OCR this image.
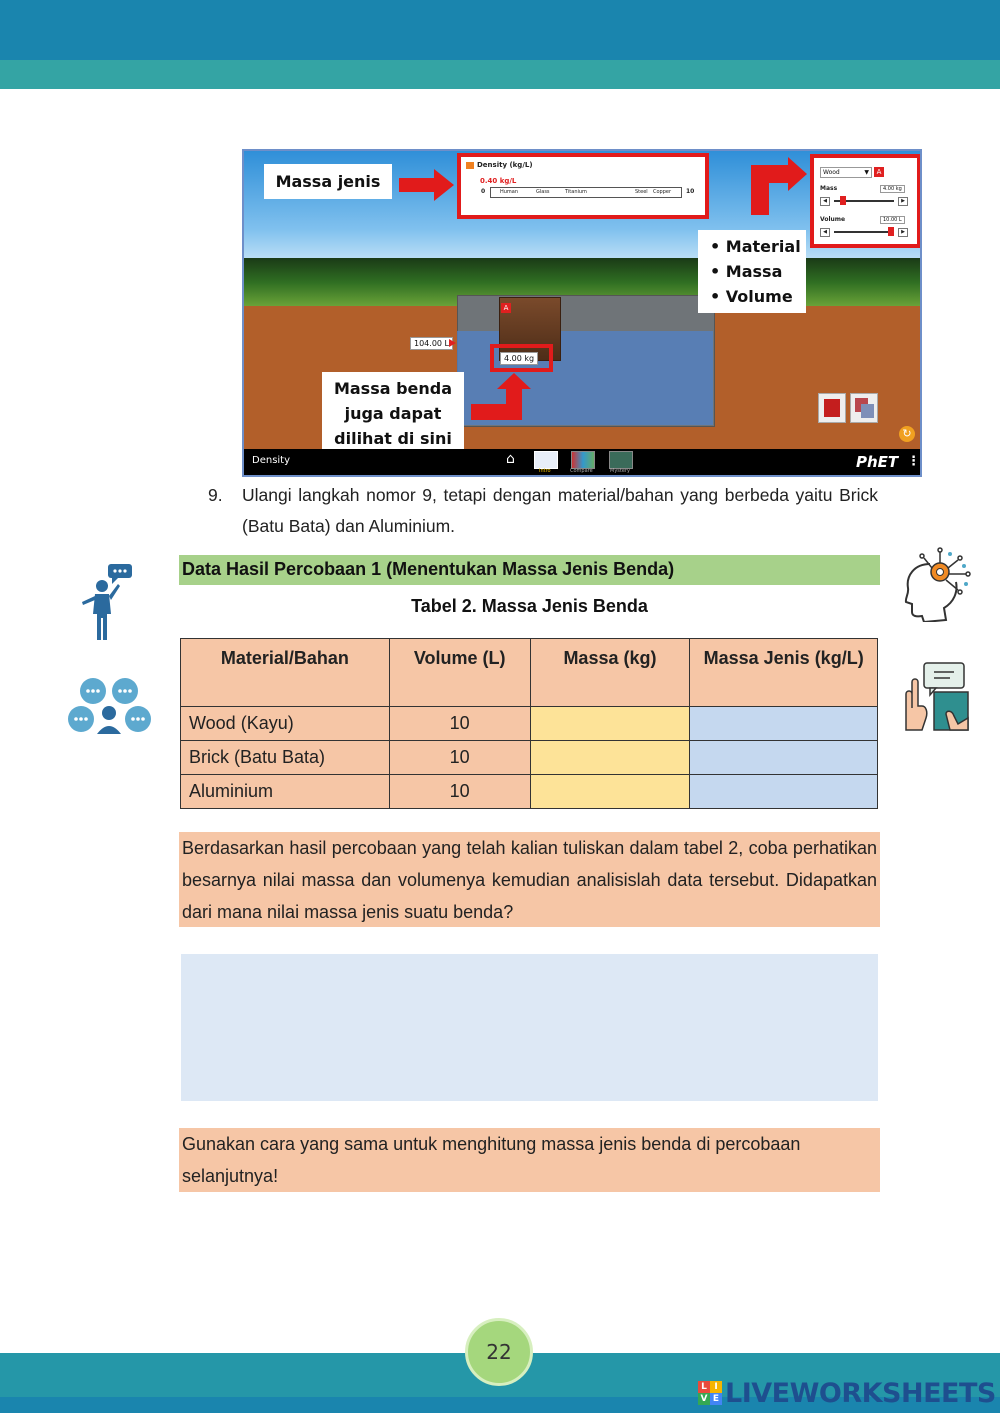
A
104.00 L
4.00 kg
Density (kg/L)
0.40 kg/L
0	Human	Glass	Titanium	Steel Copper 10
Massa jenis	Wood	▼	A
Mass	4.00 kg
◀	▶
Volume	10.00 L
◀	▶
• Material
• Massa
• Volume
Massa benda
juga dapat
dilihat di sini	↻
Density	⌂
Intro	Compare	Mystery	PhET ⋮
9. Ulangi langkah nomor 9, tetapi dengan material/bahan yang berbeda yaitu Brick (Batu Bata) dan Aluminium.
Data Hasil Percobaan 1 (Menentukan Massa Jenis Benda)
Tabel 2. Massa Jenis Benda
Material/Bahan	Volume (L)	Massa (kg)	Massa Jenis (kg/L)
Wood (Kayu)	10		
Brick (Batu Bata)	10		
Aluminium	10		
Berdasarkan hasil percobaan yang telah kalian tuliskan dalam tabel 2, coba perhatikan besarnya nilai massa dan volumenya kemudian analisislah data tersebut. Didapatkan dari mana nilai massa jenis suatu benda?
Gunakan cara yang sama untuk menghitung massa jenis benda di percobaan selanjutnya!
22
L I
V E LIVEWORKSHEETS
